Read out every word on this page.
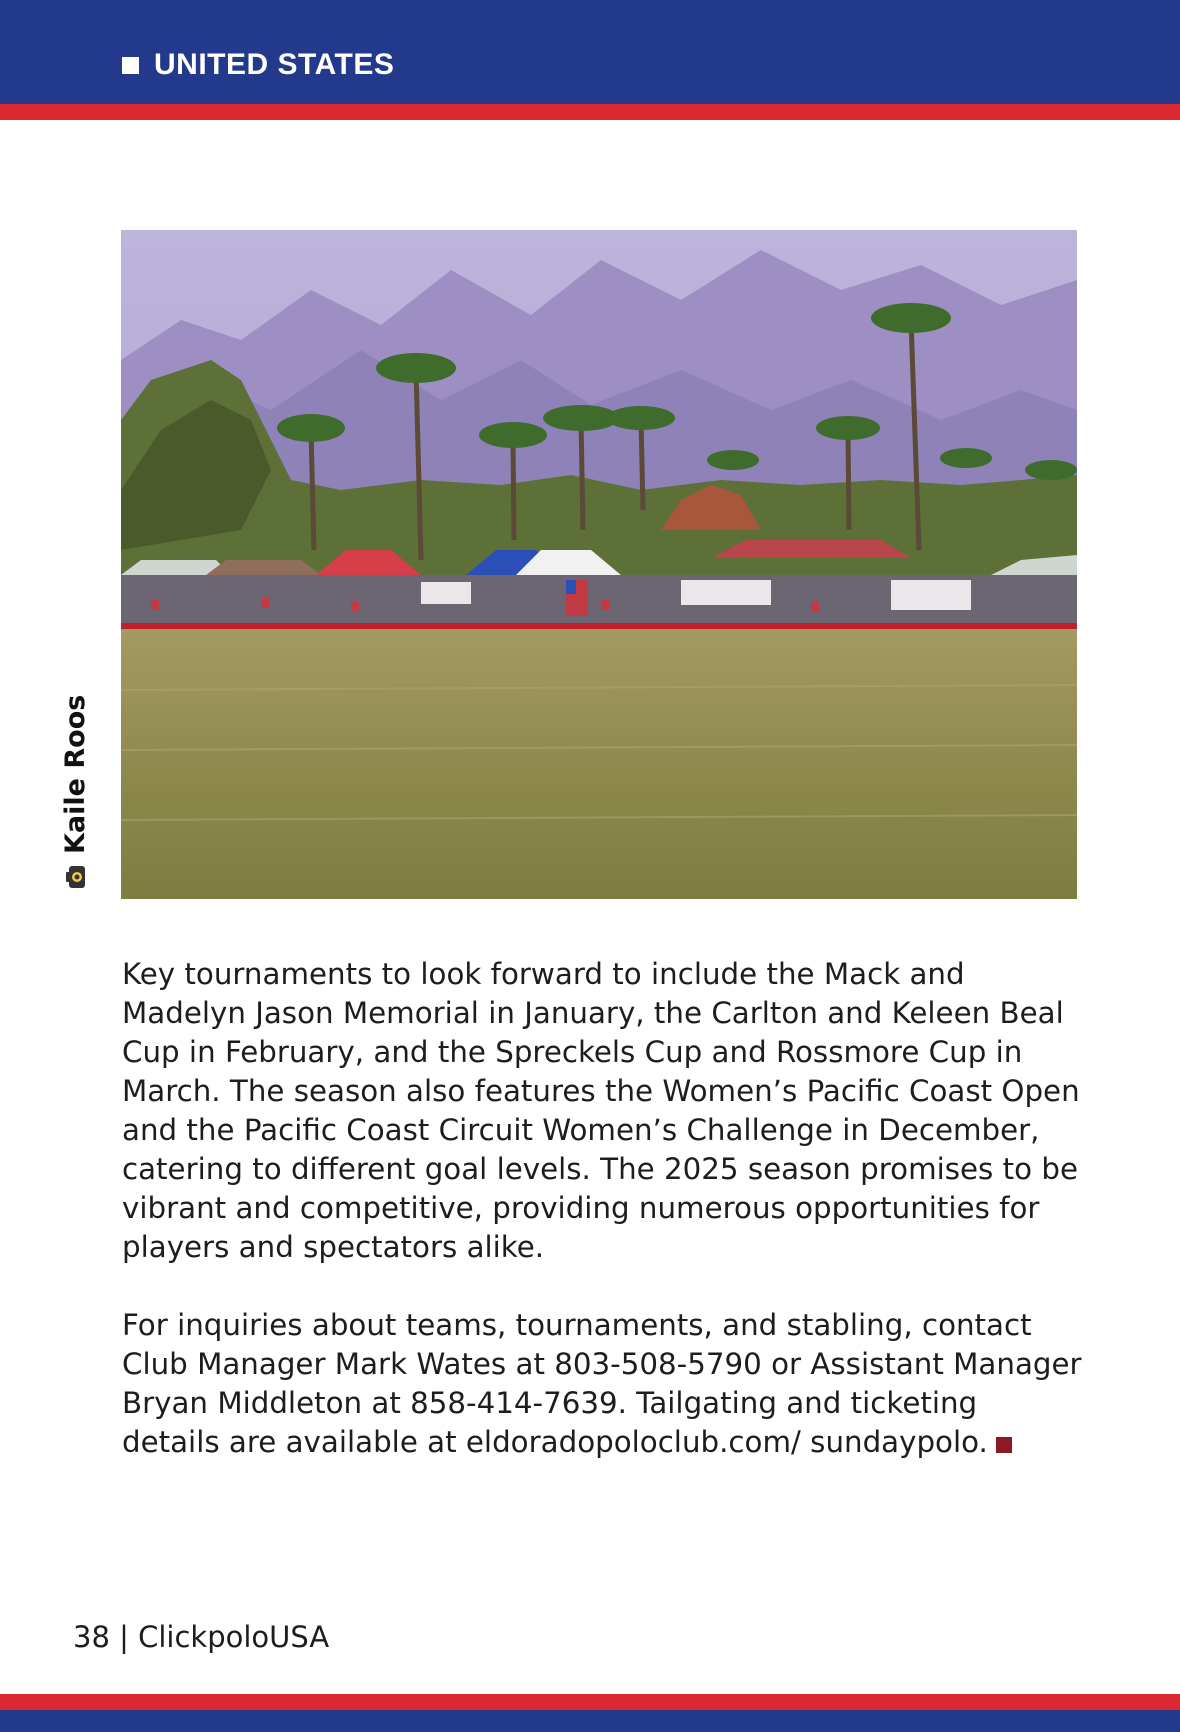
UNITED STATES
Kaile Roos

Key tournaments to look forward to include the Mack and Madelyn Jason Memorial in January, the Carlton and Keleen Beal Cup in February, and the Spreckels Cup and Rossmore Cup in March. The season also features the Women’s Pacific Coast Open and the Pacific Coast Circuit Women’s Challenge in December, catering to different goal levels. The 2025 season promises to be vibrant and competitive, providing numerous opportunities for players and spectators alike.

For inquiries about teams, tournaments, and stabling, contact Club Manager Mark Wates at 803-508-5790 or Assistant Manager Bryan Middleton at 858-414-7639. Tailgating and ticketing details are available at eldoradopoloclub.com/ sundaypolo.

38 | ClickpoloUSA
